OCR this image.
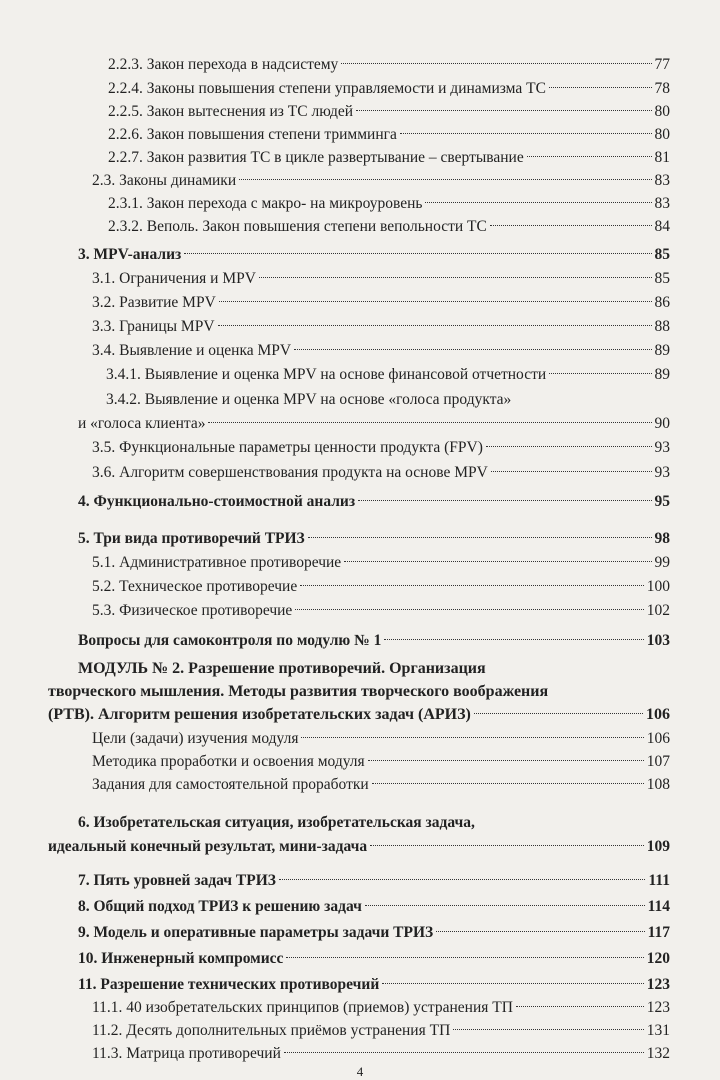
2.2.3. Закон перехода в надсистему	77
2.2.4. Законы повышения степени управляемости и динамизма ТС	78
2.2.5. Закон вытеснения из ТС людей	80
2.2.6. Закон повышения степени тримминга	80
2.2.7. Закон развития ТС в цикле развертывание – свертывание	81
2.3. Законы динамики	83
2.3.1. Закон перехода с макро- на микроуровень	83
2.3.2. Веполь. Закон повышения степени вепольности ТС	84
3. MPV-анализ	85
3.1. Ограничения и MPV	85
3.2. Развитие MPV	86
3.3. Границы MPV	88
3.4. Выявление и оценка MPV	89
3.4.1. Выявление и оценка MPV на основе финансовой отчетности	89
3.4.2. Выявление и оценка MPV на основе «голоса продукта»
и «голоса клиента»	90
3.5. Функциональные параметры ценности продукта (FPV)	93
3.6. Алгоритм совершенствования продукта на основе MPV	93
4. Функционально-стоимостной анализ	95
5. Три вида противоречий ТРИЗ	98
5.1. Административное противоречие	99
5.2. Техническое противоречие	100
5.3. Физическое противоречие	102
Вопросы для самоконтроля по модулю № 1	103
МОДУЛЬ № 2. Разрешение противоречий. Организация
творческого мышления. Методы развития творческого воображения
(РТВ). Алгоритм решения изобретательских задач (АРИЗ)	106
Цели (задачи) изучения модуля	106
Методика проработки и освоения модуля	107
Задания для самостоятельной проработки	108
6. Изобретательская ситуация, изобретательская задача,
идеальный конечный результат, мини-задача	109
7. Пять уровней задач ТРИЗ	111
8. Общий подход ТРИЗ к решению задач	114
9. Модель и оперативные параметры задачи ТРИЗ	117
10. Инженерный компромисс	120
11. Разрешение технических противоречий	123
11.1. 40 изобретательских принципов (приемов) устранения ТП	123
11.2. Десять дополнительных приёмов устранения ТП	131
11.3. Матрица противоречий	132
4
